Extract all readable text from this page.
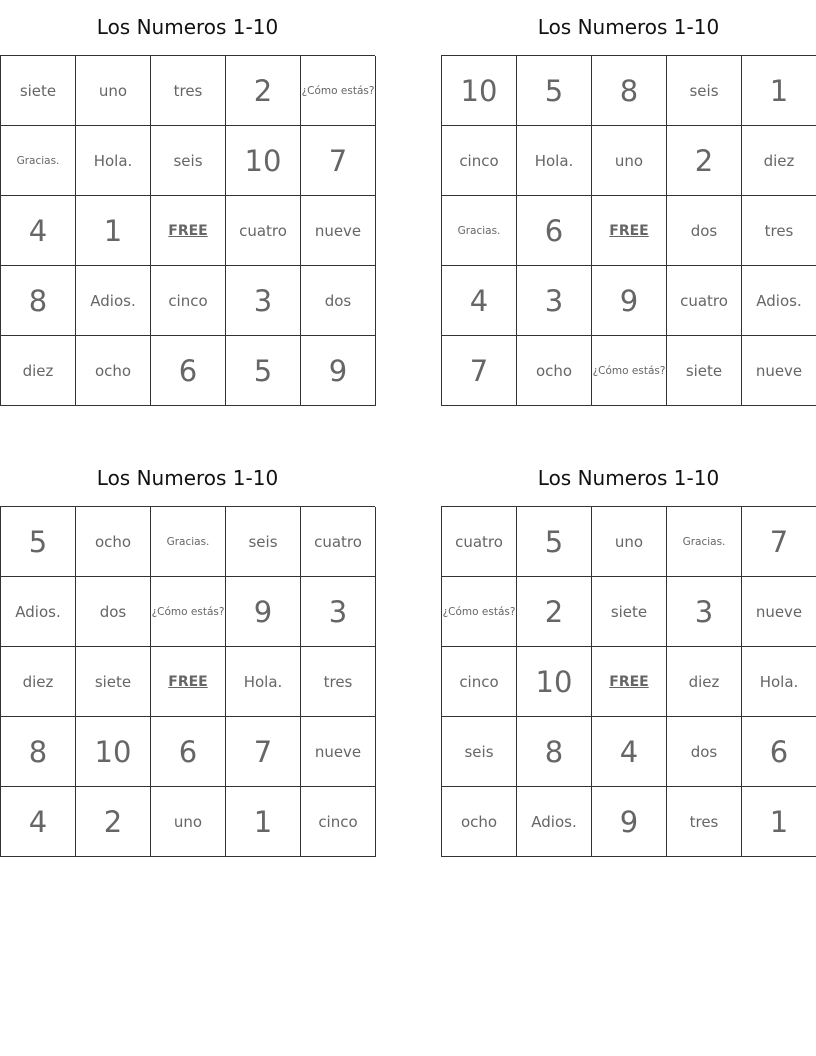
Los Numeros 1-10
siete	uno	tres	2	¿Cómo estás?
Gracias.	Hola.	seis	10	7
4	1	FREE	cuatro	nueve
8	Adios.	cinco	3	dos
diez	ocho	6	5	9
Los Numeros 1-10
10	5	8	seis	1
cinco	Hola.	uno	2	diez
Gracias.	6	FREE	dos	tres
4	3	9	cuatro	Adios.
7	ocho	¿Cómo estás?	siete	nueve
Los Numeros 1-10
5	ocho	Gracias.	seis	cuatro
Adios.	dos	¿Cómo estás?	9	3
diez	siete	FREE	Hola.	tres
8	10	6	7	nueve
4	2	uno	1	cinco
Los Numeros 1-10
cuatro	5	uno	Gracias.	7
¿Cómo estás?	2	siete	3	nueve
cinco	10	FREE	diez	Hola.
seis	8	4	dos	6
ocho	Adios.	9	tres	1
